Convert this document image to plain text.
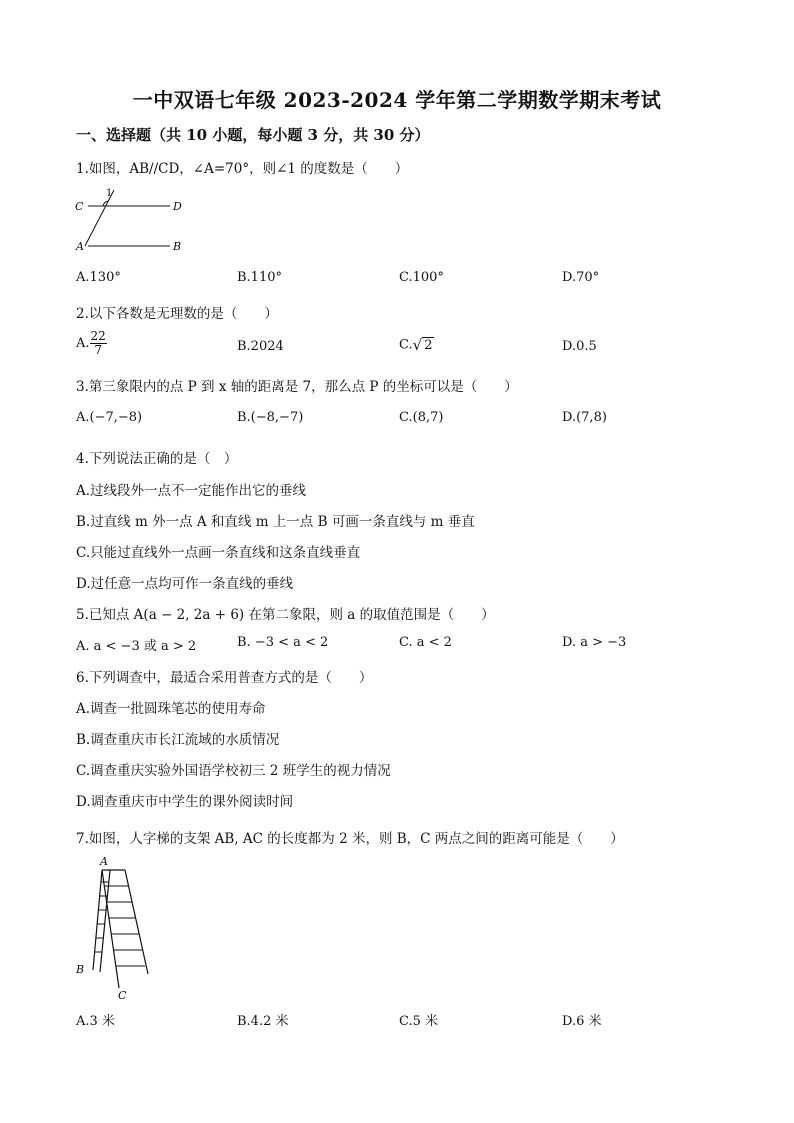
一中双语七年级 2023-2024 学年第二学期数学期末考试
一、选择题（共 10 小题，每小题 3 分，共 30 分）
1.如图，AB//CD，∠A=70°，则∠1 的度数是（　　）
1
C	D
A	B
A.130°	B.110°	C.100°	D.70°
2.以下各数是无理数的是（　　）
A. $\frac{22}{7}$	B.2024	C. √ 2	D.0.5
3.第三象限内的点 P 到 x 轴的距离是 7，那么点 P 的坐标可以是（　　）
A.(−7,−8)	B.(−8,−7)	C.(8,7)	D.(7,8)
4.下列说法正确的是（　）
A.过线段外一点不一定能作出它的垂线
B.过直线 m 外一点 A 和直线 m 上一点 B 可画一条直线与 m 垂直
C.只能过直线外一点画一条直线和这条直线垂直
D.过任意一点均可作一条直线的垂线
5.已知点 A(a − 2, 2a + 6) 在第二象限，则 a 的取值范围是（　　）
A. a < −3 或 a > 2	B. −3 < a < 2	C. a < 2	D. a > −3
6.下列调查中，最适合采用普查方式的是（　　）
A.调查一批圆珠笔芯的使用寿命
B.调查重庆市长江流域的水质情况
C.调查重庆实验外国语学校初三 2 班学生的视力情况
D.调查重庆市中学生的课外阅读时间
7.如图，人字梯的支架 AB, AC 的长度都为 2 米，则 B，C 两点之间的距离可能是（　　）
A
B
C
A.3 米	B.4.2 米	C.5 米	D.6 米
